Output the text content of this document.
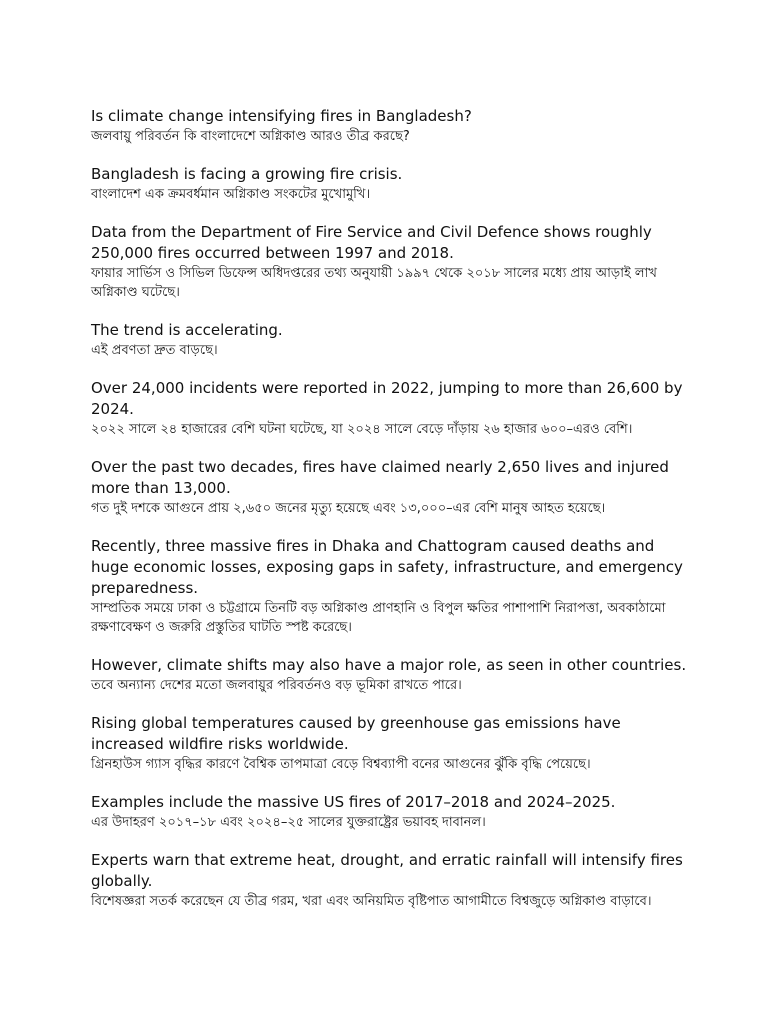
Is climate change intensifying fires in Bangladesh?

জলবায়ু পরিবর্তন কি বাংলাদেশে অগ্নিকাণ্ড আরও তীব্র করছে?

Bangladesh is facing a growing fire crisis.

বাংলাদেশ এক ক্রমবর্ধমান অগ্নিকাণ্ড সংকটের মুখোমুখি।

Data from the Department of Fire Service and Civil Defence shows roughly 250,000 fires occurred between 1997 and 2018.

ফায়ার সার্ভিস ও সিভিল ডিফেন্স অধিদপ্তরের তথ্য অনুযায়ী ১৯৯৭ থেকে ২০১৮ সালের মধ্যে প্রায় আড়াই লাখ অগ্নিকাণ্ড ঘটেছে।

The trend is accelerating.

এই প্রবণতা দ্রুত বাড়ছে।

Over 24,000 incidents were reported in 2022, jumping to more than 26,600 by 2024.

২০২২ সালে ২৪ হাজারের বেশি ঘটনা ঘটেছে, যা ২০২৪ সালে বেড়ে দাঁড়ায় ২৬ হাজার ৬০০–এরও বেশি।

Over the past two decades, fires have claimed nearly 2,650 lives and injured more than 13,000.

গত দুই দশকে আগুনে প্রায় ২,৬৫০ জনের মৃত্যু হয়েছে এবং ১৩,০০০–এর বেশি মানুষ আহত হয়েছে।

Recently, three massive fires in Dhaka and Chattogram caused deaths and huge economic losses, exposing gaps in safety, infrastructure, and emergency preparedness.

সাম্প্রতিক সময়ে ঢাকা ও চট্টগ্রামে তিনটি বড় অগ্নিকাণ্ড প্রাণহানি ও বিপুল ক্ষতির পাশাপাশি নিরাপত্তা, অবকাঠামো রক্ষণাবেক্ষণ ও জরুরি প্রস্তুতির ঘাটতি স্পষ্ট করেছে।

However, climate shifts may also have a major role, as seen in other countries.

তবে অন্যান্য দেশের মতো জলবায়ুর পরিবর্তনও বড় ভূমিকা রাখতে পারে।

Rising global temperatures caused by greenhouse gas emissions have increased wildfire risks worldwide.

গ্রিনহাউস গ্যাস বৃদ্ধির কারণে বৈশ্বিক তাপমাত্রা বেড়ে বিশ্বব্যাপী বনের আগুনের ঝুঁকি বৃদ্ধি পেয়েছে।

Examples include the massive US fires of 2017–2018 and 2024–2025.

এর উদাহরণ ২০১৭–১৮ এবং ২০২৪–২৫ সালের যুক্তরাষ্ট্রের ভয়াবহ দাবানল।

Experts warn that extreme heat, drought, and erratic rainfall will intensify fires globally.

বিশেষজ্ঞরা সতর্ক করেছেন যে তীব্র গরম, খরা এবং অনিয়মিত বৃষ্টিপাত আগামীতে বিশ্বজুড়ে অগ্নিকাণ্ড বাড়াবে।
